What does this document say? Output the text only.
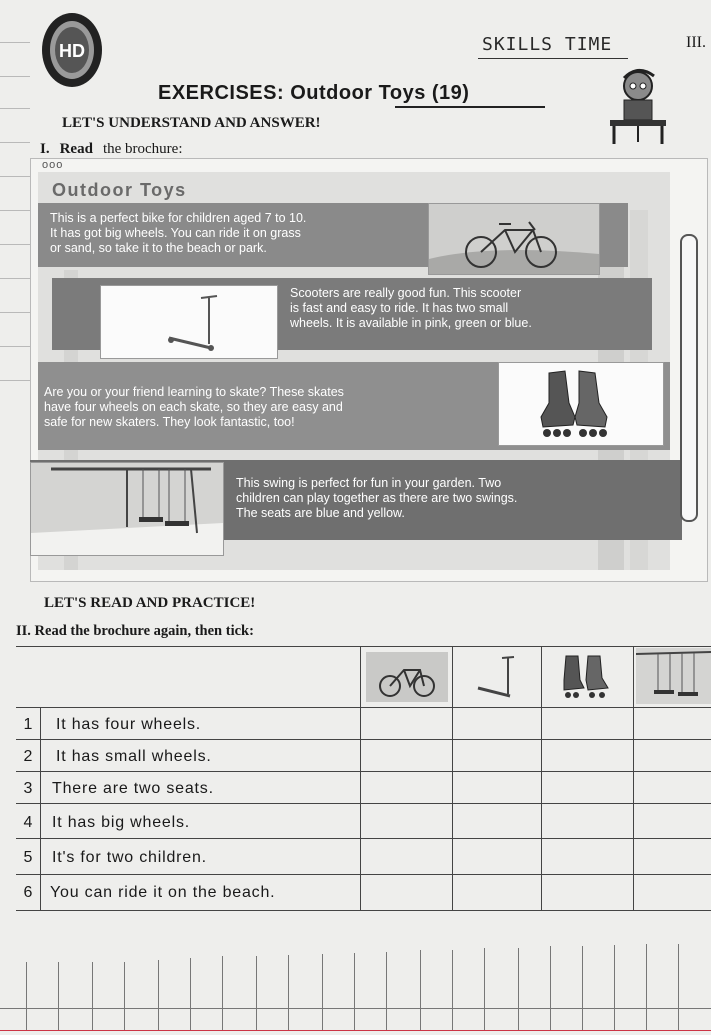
HD	SKILLS TIME	III.
EXERCISES: Outdoor Toys (19)
LET'S UNDERSTAND AND ANSWER!
I. Read the brochure:
ooo
Outdoor Toys
This is a perfect bike for children aged 7 to 10.
It has got big wheels. You can ride it on grass
or sand, so take it to the beach or park.
Scooters are really good fun. This scooter
is fast and easy to ride. It has two small
wheels. It is available in pink, green or blue.
Are you or your friend learning to skate? These skates
have four wheels on each skate, so they are easy and
safe for new skaters. They look fantastic, too!
This swing is perfect for fun in your garden. Two
children can play together as there are two swings.
The seats are blue and yellow.
LET'S READ AND PRACTICE!
II. Read the brochure again, then tick:
1	It has four wheels.
2	It has small wheels.
3	There are two seats.
4	It has big wheels.
5	It's for two children.
6	You can ride it on the beach.
